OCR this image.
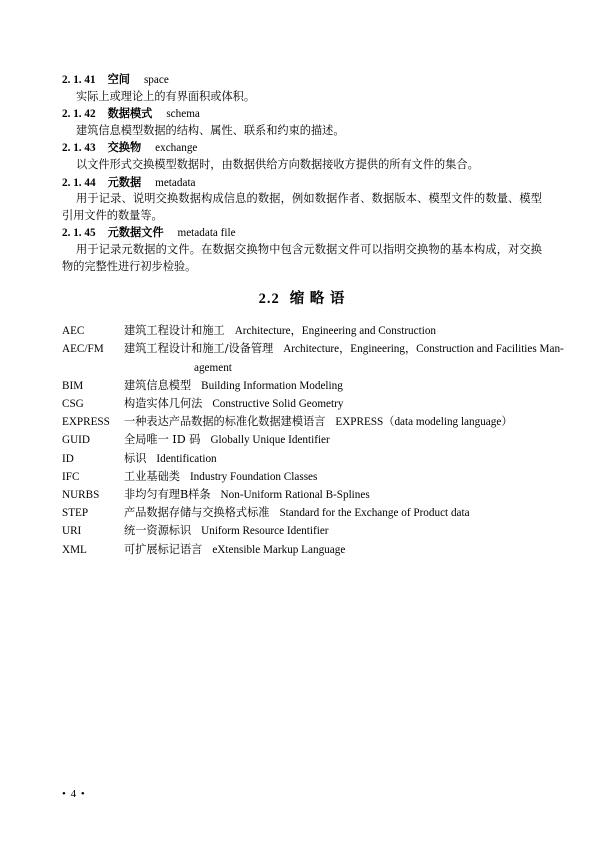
2. 1. 41 空间 space
实际上或理论上的有界面积或体积。
2. 1. 42 数据模式 schema
建筑信息模型数据的结构、属性、联系和约束的描述。
2. 1. 43 交换物 exchange
以文件形式交换模型数据时，由数据供给方向数据接收方提供的所有文件的集合。
2. 1. 44 元数据 metadata
用于记录、说明交换数据构成信息的数据，例如数据作者、数据版本、模型文件的数量、模型引用文件的数量等。
2. 1. 45 元数据文件 metadata file
用于记录元数据的文件。在数据交换物中包含元数据文件可以指明交换物的基本构成，对交换物的完整性进行初步检验。
2.2 缩 略 语
AEC	建筑工程设计和施工 Architecture，Engineering and Construction
AEC/FM 建筑工程设计和施工/设备管理 Architecture，Engineering，Construction and Facilities Man-
agement
BIM	建筑信息模型 Building Information Modeling
CSG	构造实体几何法 Constructive Solid Geometry
EXPRESS 一种表达产品数据的标准化数据建模语言 EXPRESS（data modeling language）
GUID	全局唯一 ID 码 Globally Unique Identifier
ID	标识 Identification
IFC	工业基础类 Industry Foundation Classes
NURBS 非均匀有理B样条 Non-Uniform Rational B-Splines
STEP	产品数据存储与交换格式标准 Standard for the Exchange of Product data
URI	统一资源标识 Uniform Resource Identifier
XML	可扩展标记语言 eXtensible Markup Language
• 4 •
